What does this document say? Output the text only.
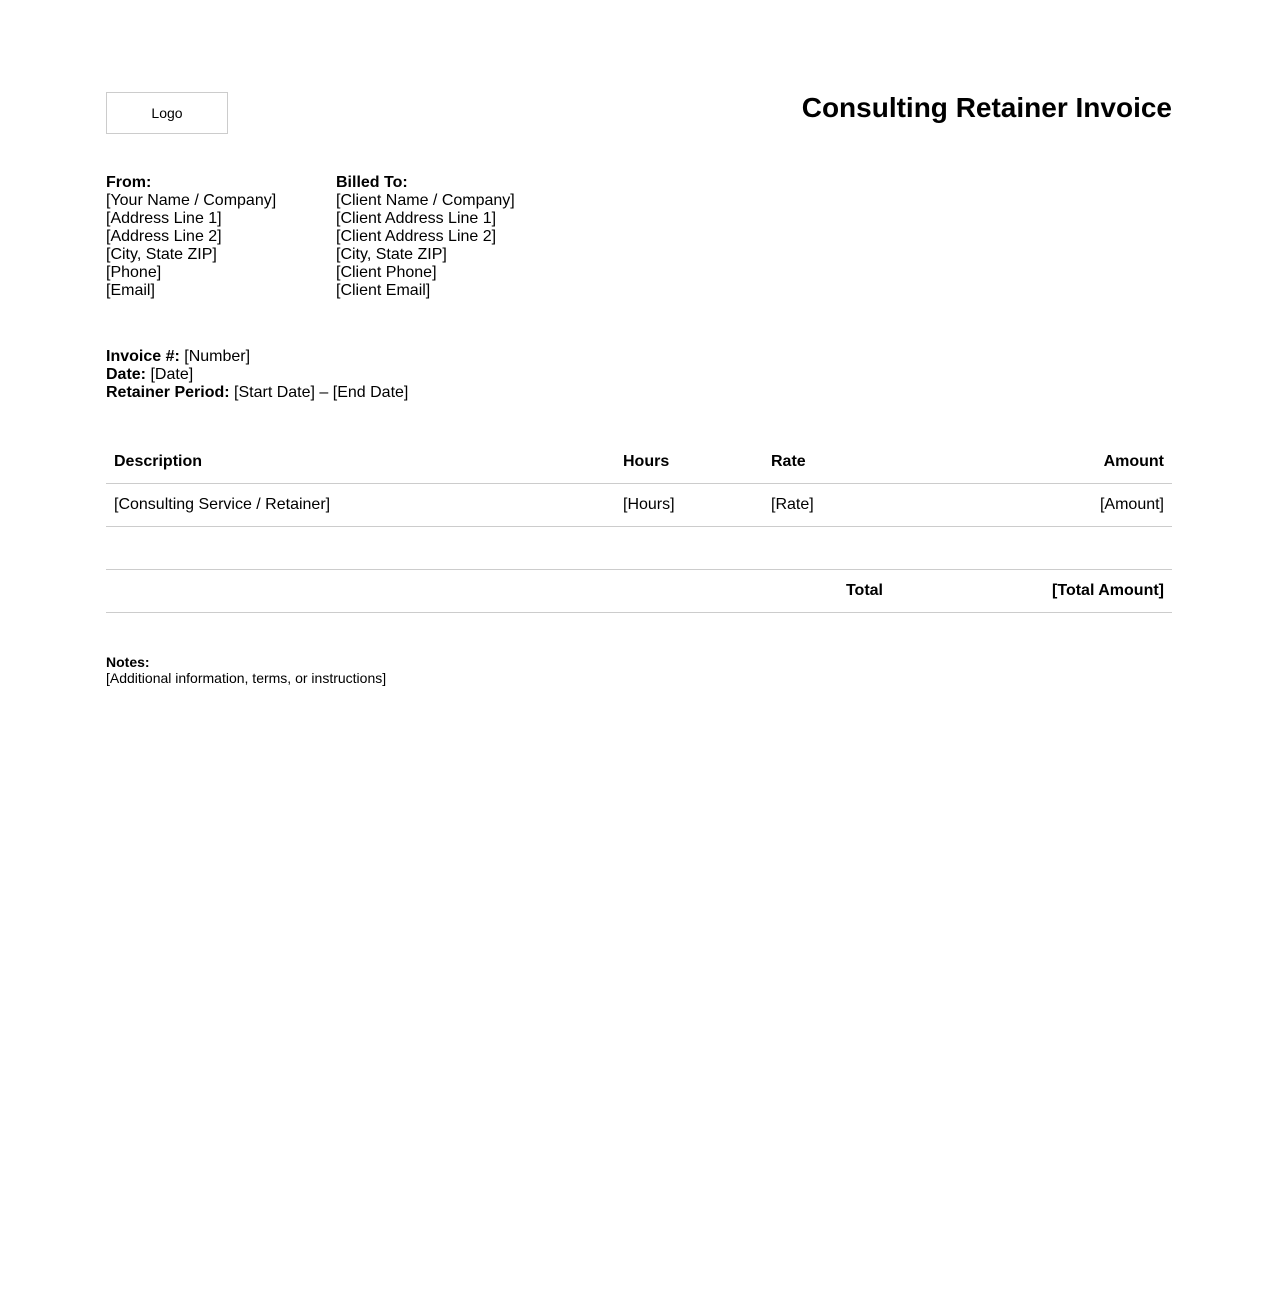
Logo	Consulting Retainer Invoice
From:
[Your Name / Company]
[Address Line 1]
[Address Line 2]
[City, State ZIP]
[Phone]
[Email]
Billed To:
[Client Name / Company]
[Client Address Line 1]
[Client Address Line 2]
[City, State ZIP]
[Client Phone]
[Client Email]
Invoice #: [Number]
Date: [Date]
Retainer Period: [Start Date] – [End Date]
Description	Hours	Rate	Amount
[Consulting Service / Retainer]	[Hours]	[Rate]	[Amount]

		Total	[Total Amount]
Notes:
[Additional information, terms, or instructions]
